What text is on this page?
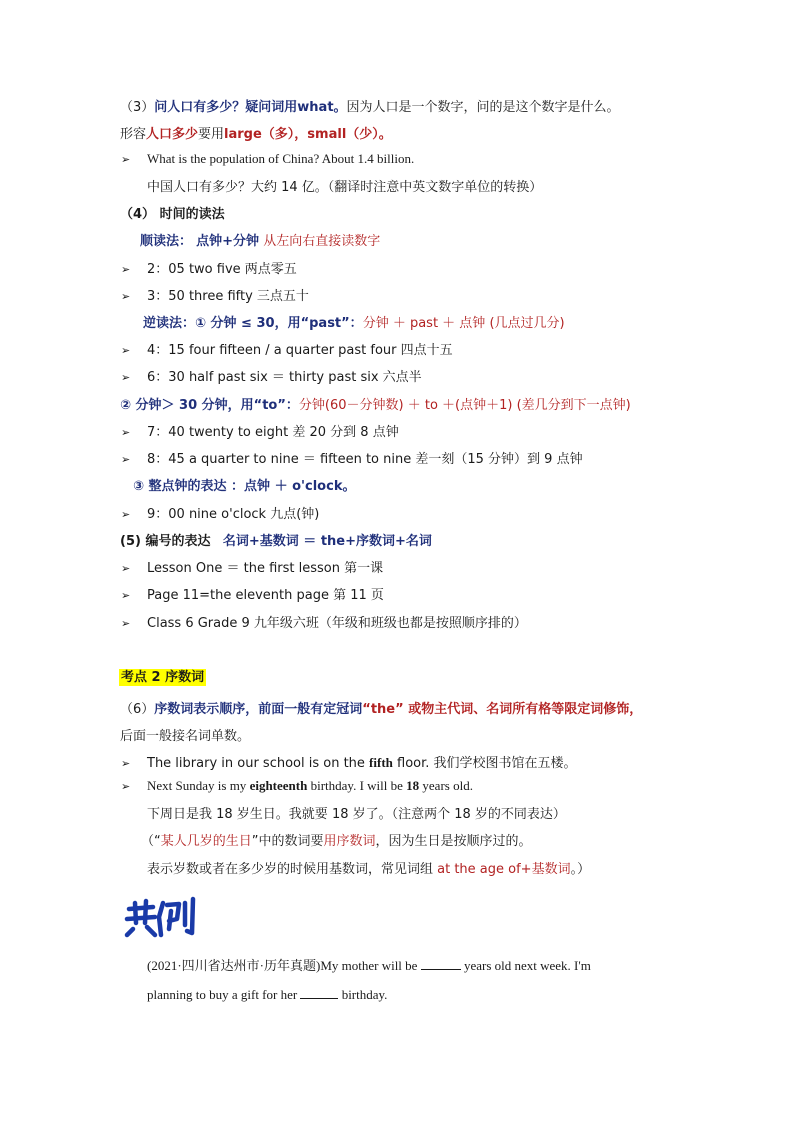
（3）问人口有多少？疑问词用what。因为人口是一个数字，问的是这个数字是什么。
形容人口多少要用large（多），small（少）。
➢ What is the population of China? About 1.4 billion.
中国人口有多少？大约 14 亿。（翻译时注意中英文数字单位的转换）
（4） 时间的读法
顺读法： 点钟+分钟 从左向右直接读数字
➢ 2：05 two five 两点零五
➢ 3：50 three fifty 三点五十
逆读法：① 分钟 ≤ 30，用“past”：分钟 ＋ past ＋ 点钟 (几点过几分)
➢ 4：15 four fifteen / a quarter past four 四点十五
➢ 6：30 half past six ＝ thirty past six 六点半
② 分钟＞ 30 分钟，用“to”：分钟(60－分钟数) ＋ to ＋(点钟＋1) (差几分到下一点钟)
➢ 7：40 twenty to eight 差 20 分到 8 点钟
➢ 8：45 a quarter to nine ＝ fifteen to nine 差一刻（15 分钟）到 9 点钟
③ 整点钟的表达 ：点钟 ＋ o'clock。
➢ 9：00 nine o'clock 九点(钟)
(5) 编号的表达 名词+基数词 ＝ the+序数词+名词
➢ Lesson One ＝ the first lesson 第一课
➢ Page 11=the eleventh page 第 11 页
➢ Class 6 Grade 9 九年级六班（年级和班级也都是按照顺序排的）
考点 2 序数词
（6）序数词表示顺序，前面一般有定冠词“the” 或物主代词、名词所有格等限定词修饰，
后面一般接名词单数。
➢ The library in our school is on the fifth floor. 我们学校图书馆在五楼。
➢ Next Sunday is my eighteenth birthday. I will be 18 years old.
下周日是我 18 岁生日。我就要 18 岁了。（注意两个 18 岁的不同表达）
（“某人几岁的生日”中的数词要用序数词，因为生日是按顺序过的。
表示岁数或者在多少岁的时候用基数词，常见词组 at the age of+基数词。）
(2021·四川省达州市·历年真题)My mother will be	years old next week. I'm
planning to buy a gift for her	birthday.
